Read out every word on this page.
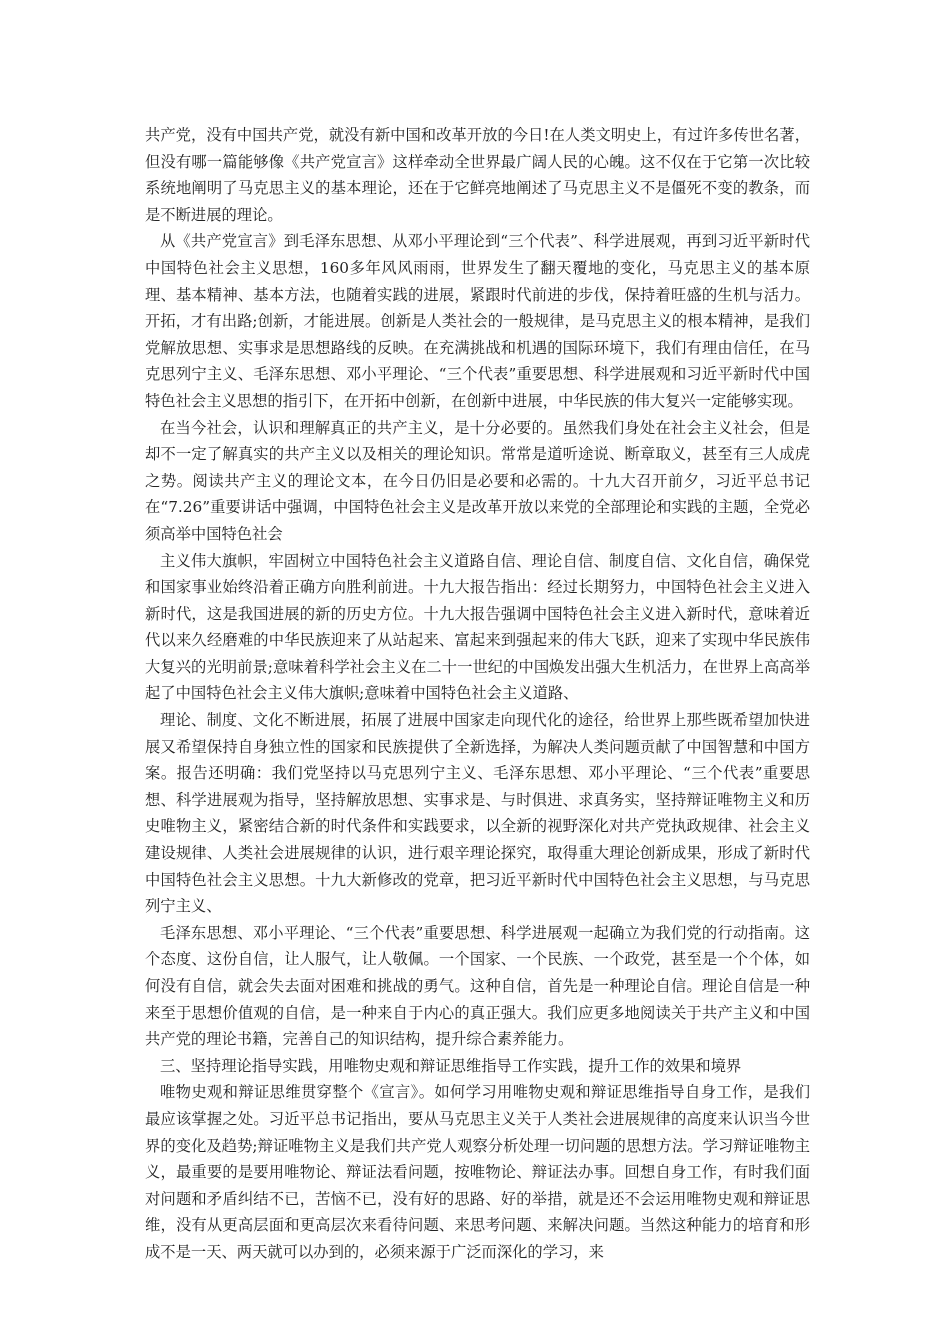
共产党，没有中国共产党，就没有新中国和改革开放的今日!在人类文明史上，有过许多传世名著，但没有哪一篇能够像《共产党宣言》这样牵动全世界最广阔人民的心魄。这不仅在于它第一次比较系统地阐明了马克思主义的基本理论，还在于它鲜亮地阐述了马克思主义不是僵死不变的教条，而是不断进展的理论。

从《共产党宣言》到毛泽东思想、从邓小平理论到“三个代表”、科学进展观，再到习近平新时代中国特色社会主义思想，160多年风风雨雨，世界发生了翻天覆地的变化，马克思主义的基本原理、基本精神、基本方法，也随着实践的进展，紧跟时代前进的步伐，保持着旺盛的生机与活力。开拓，才有出路;创新，才能进展。创新是人类社会的一般规律，是马克思主义的根本精神，是我们党解放思想、实事求是思想路线的反映。在充满挑战和机遇的国际环境下，我们有理由信任，在马克思列宁主义、毛泽东思想、邓小平理论、“三个代表”重要思想、科学进展观和习近平新时代中国特色社会主义思想的指引下，在开拓中创新，在创新中进展，中华民族的伟大复兴一定能够实现。

在当今社会，认识和理解真正的共产主义，是十分必要的。虽然我们身处在社会主义社会，但是却不一定了解真实的共产主义以及相关的理论知识。常常是道听途说、断章取义，甚至有三人成虎之势。阅读共产主义的理论文本，在今日仍旧是必要和必需的。十九大召开前夕，习近平总书记在“7.26”重要讲话中强调，中国特色社会主义是改革开放以来党的全部理论和实践的主题，全党必须高举中国特色社会

主义伟大旗帜，牢固树立中国特色社会主义道路自信、理论自信、制度自信、文化自信，确保党和国家事业始终沿着正确方向胜利前进。十九大报告指出：经过长期努力，中国特色社会主义进入新时代，这是我国进展的新的历史方位。十九大报告强调中国特色社会主义进入新时代，意味着近代以来久经磨难的中华民族迎来了从站起来、富起来到强起来的伟大飞跃，迎来了实现中华民族伟大复兴的光明前景;意味着科学社会主义在二十一世纪的中国焕发出强大生机活力，在世界上高高举起了中国特色社会主义伟大旗帜;意味着中国特色社会主义道路、

理论、制度、文化不断进展，拓展了进展中国家走向现代化的途径，给世界上那些既希望加快进展又希望保持自身独立性的国家和民族提供了全新选择，为解决人类问题贡献了中国智慧和中国方案。报告还明确：我们党坚持以马克思列宁主义、毛泽东思想、邓小平理论、“三个代表”重要思想、科学进展观为指导，坚持解放思想、实事求是、与时俱进、求真务实，坚持辩证唯物主义和历史唯物主义，紧密结合新的时代条件和实践要求，以全新的视野深化对共产党执政规律、社会主义建设规律、人类社会进展规律的认识，进行艰辛理论探究，取得重大理论创新成果，形成了新时代中国特色社会主义思想。十九大新修改的党章，把习近平新时代中国特色社会主义思想，与马克思列宁主义、

毛泽东思想、邓小平理论、“三个代表”重要思想、科学进展观一起确立为我们党的行动指南。这个态度、这份自信，让人服气，让人敬佩。一个国家、一个民族、一个政党，甚至是一个个体，如何没有自信，就会失去面对困难和挑战的勇气。这种自信，首先是一种理论自信。理论自信是一种来至于思想价值观的自信，是一种来自于内心的真正强大。我们应更多地阅读关于共产主义和中国共产党的理论书籍，完善自己的知识结构，提升综合素养能力。

三、坚持理论指导实践，用唯物史观和辩证思维指导工作实践，提升工作的效果和境界

唯物史观和辩证思维贯穿整个《宣言》。如何学习用唯物史观和辩证思维指导自身工作，是我们最应该掌握之处。习近平总书记指出，要从马克思主义关于人类社会进展规律的高度来认识当今世界的变化及趋势;辩证唯物主义是我们共产党人观察分析处理一切问题的思想方法。学习辩证唯物主义，最重要的是要用唯物论、辩证法看问题，按唯物论、辩证法办事。回想自身工作，有时我们面对问题和矛盾纠结不已，苦恼不已，没有好的思路、好的举措，就是还不会运用唯物史观和辩证思维，没有从更高层面和更高层次来看待问题、来思考问题、来解决问题。当然这种能力的培育和形成不是一天、两天就可以办到的，必须来源于广泛而深化的学习，来
